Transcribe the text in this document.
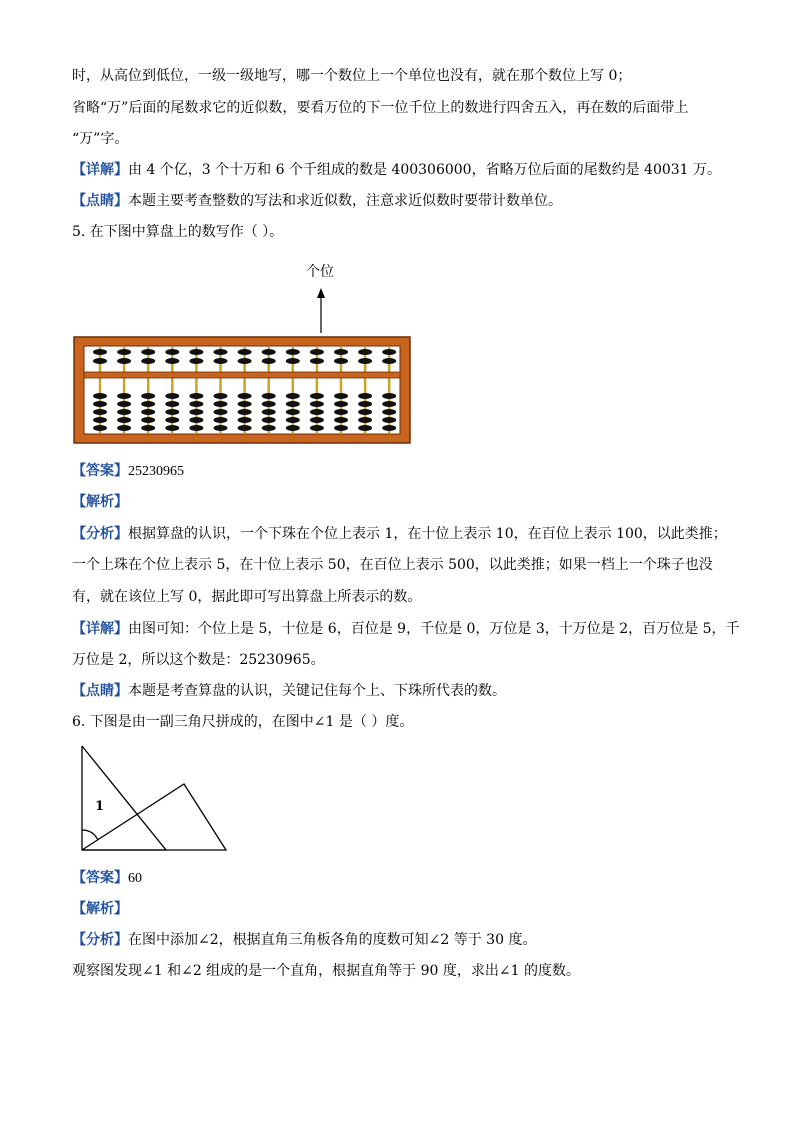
时，从高位到低位，一级一级地写，哪一个数位上一个单位也没有，就在那个数位上写 0；
省略“万”后面的尾数求它的近似数，要看万位的下一位千位上的数进行四舍五入，再在数的后面带上
“万”字。
【详解】由 4 个亿，3 个十万和 6 个千组成的数是 400306000，省略万位后面的尾数约是 40031 万。
【点睛】本题主要考查整数的写法和求近似数，注意求近似数时要带计数单位。
5. 在下图中算盘上的数写作（ ）。
个位
【答案】25230965
【解析】
【分析】根据算盘的认识，一个下珠在个位上表示 1，在十位上表示 10，在百位上表示 100，以此类推；
一个上珠在个位上表示 5，在十位上表示 50，在百位上表示 500，以此类推；如果一档上一个珠子也没
有，就在该位上写 0，据此即可写出算盘上所表示的数。
【详解】由图可知：个位上是 5，十位是 6，百位是 9，千位是 0，万位是 3，十万位是 2，百万位是 5，千
万位是 2，所以这个数是：25230965。
【点睛】本题是考查算盘的认识，关键记住每个上、下珠所代表的数。
6. 下图是由一副三角尺拼成的，在图中∠1 是（ ）度。
1
【答案】60
【解析】
【分析】在图中添加∠2，根据直角三角板各角的度数可知∠2 等于 30 度。
观察图发现∠1 和∠2 组成的是一个直角，根据直角等于 90 度，求出∠1 的度数。
